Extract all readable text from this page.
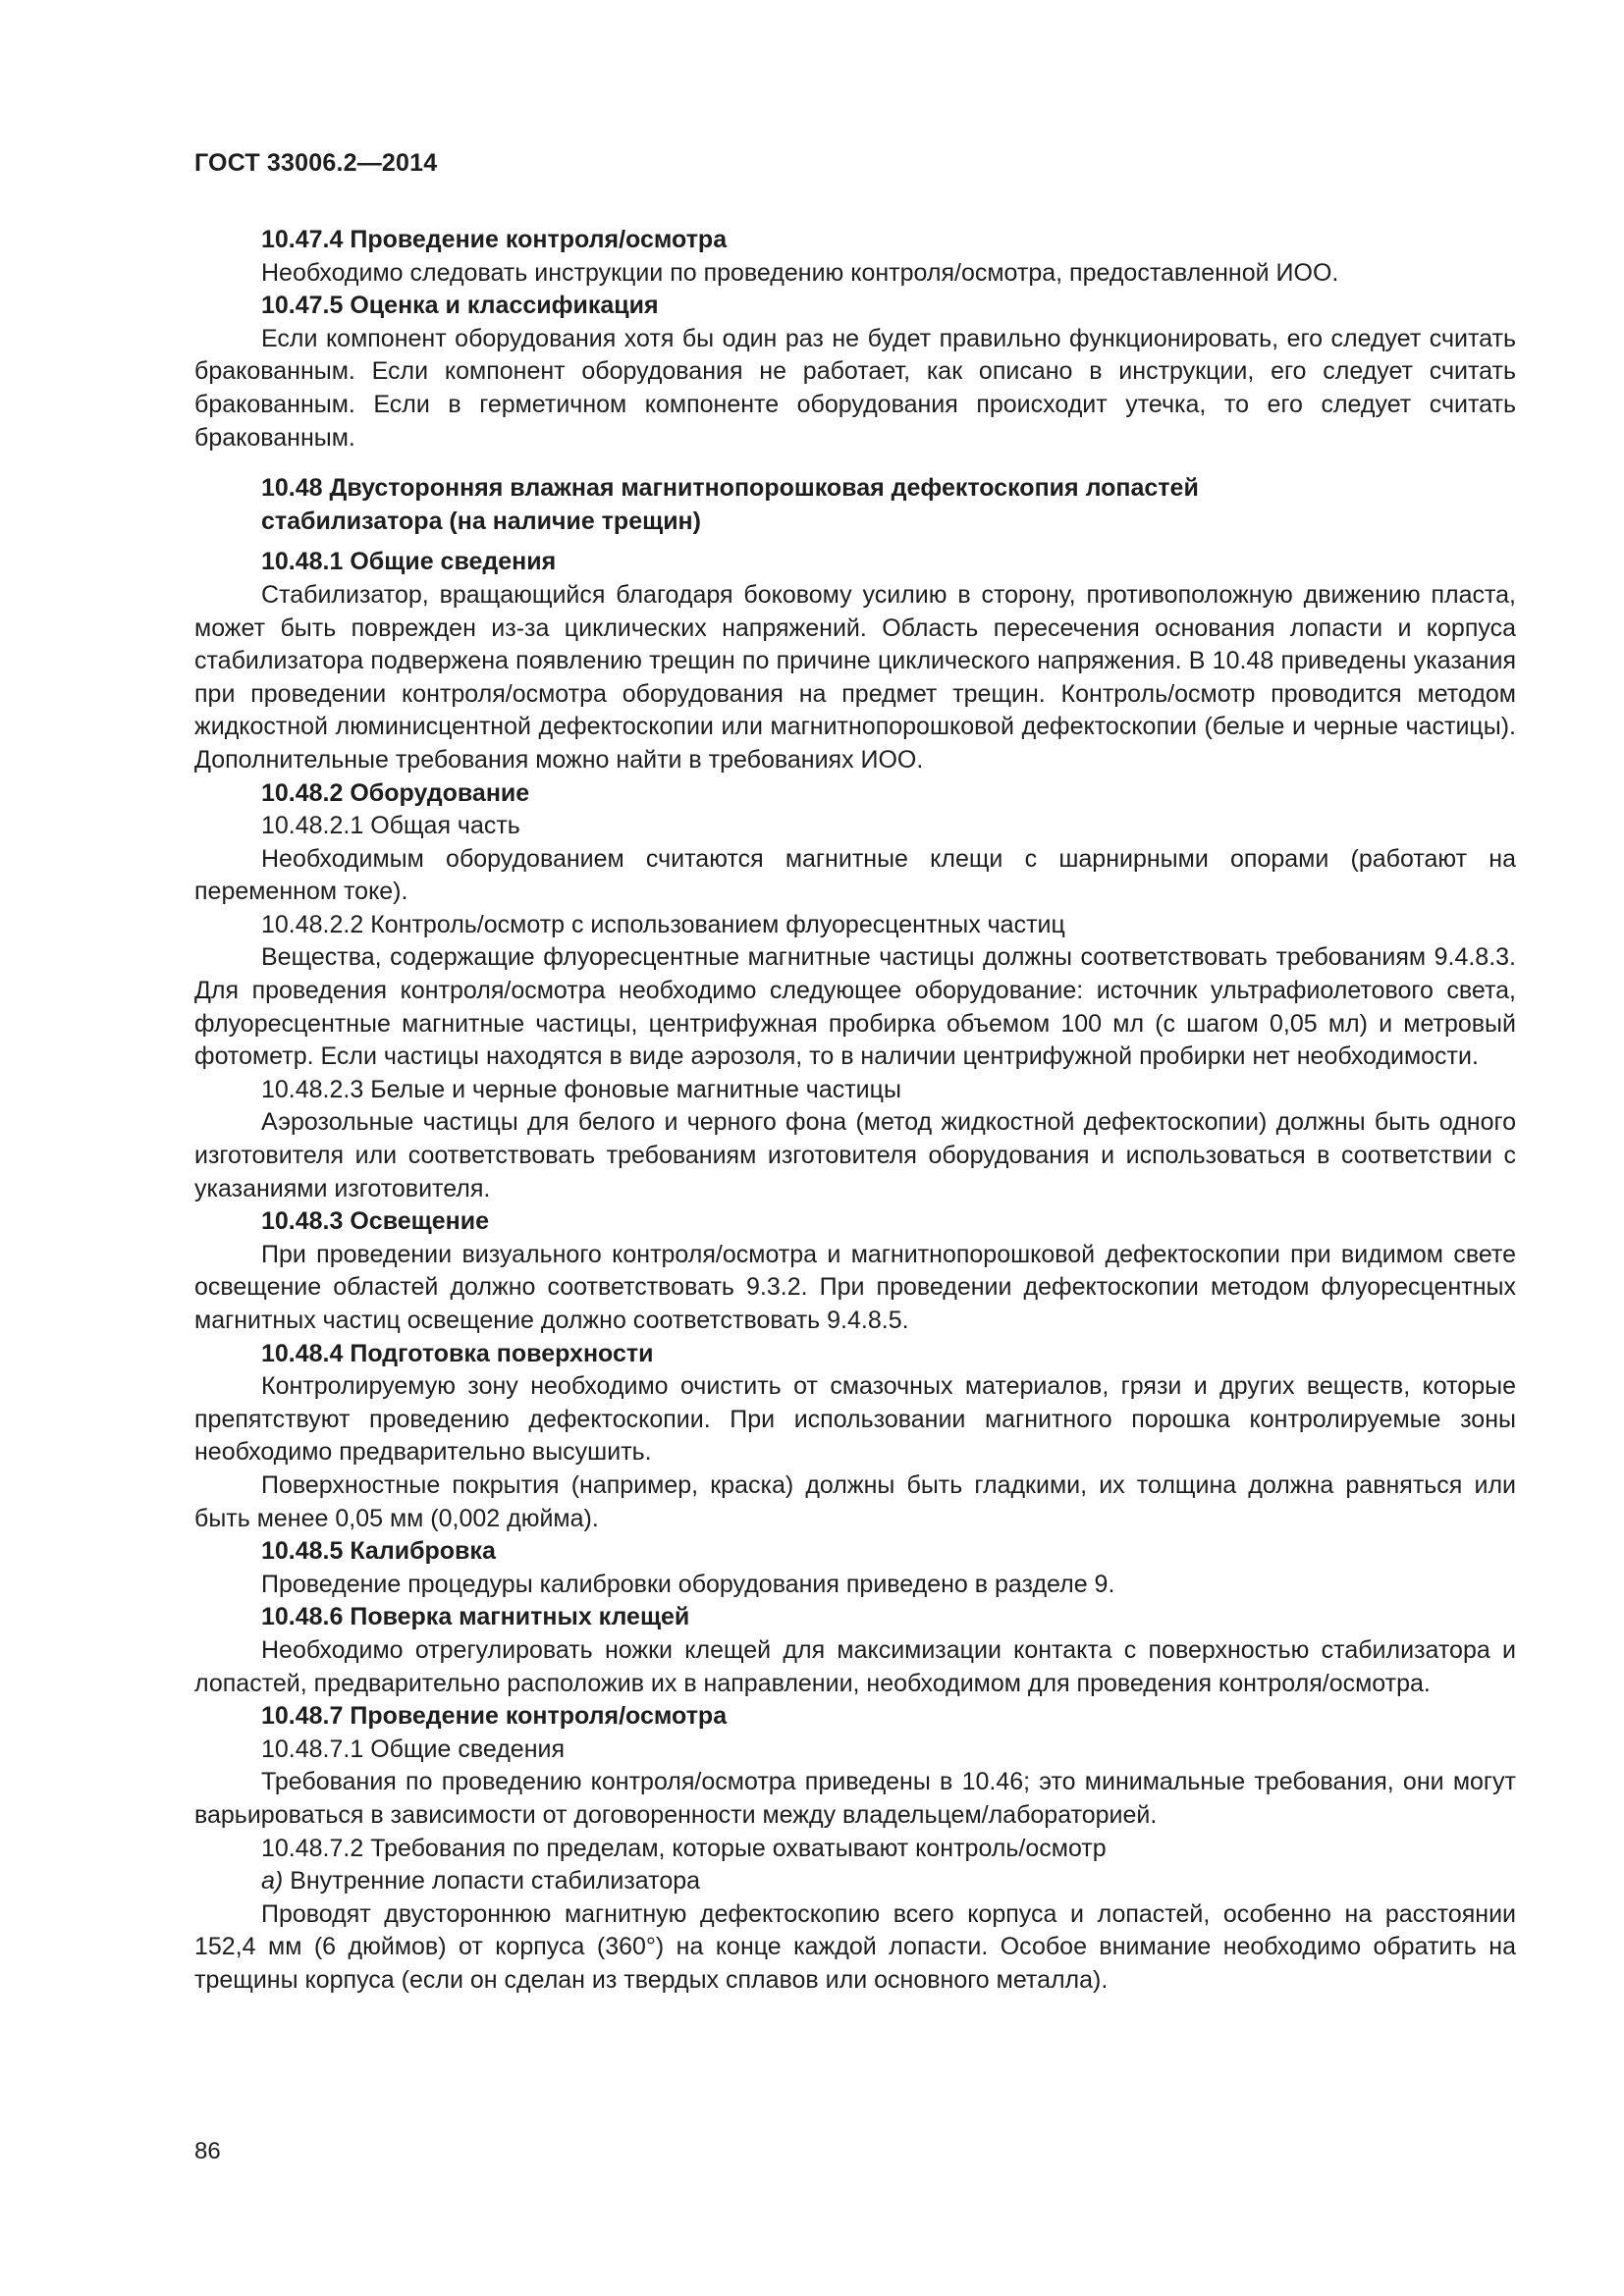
ГОСТ 33006.2—2014

10.47.4 Проведение контроля/осмотра

Необходимо следовать инструкции по проведению контроля/осмотра, предоставленной ИОО.

10.47.5 Оценка и классификация

Если компонент оборудования хотя бы один раз не будет правильно функционировать, его следует считать бракованным. Если компонент оборудования не работает, как описано в инструкции, его следует считать бракованным. Если в герметичном компоненте оборудования происходит утечка, то его следует считать бракованным.

10.48 Двусторонняя влажная магнитнопорошковая дефектоскопия лопастей
стабилизатора (на наличие трещин)

10.48.1 Общие сведения

Стабилизатор, вращающийся благодаря боковому усилию в сторону, противоположную движению пласта, может быть поврежден из-за циклических напряжений. Область пересечения основания лопасти и корпуса стабилизатора подвержена появлению трещин по причине циклического напряжения. В 10.48 приведены указания при проведении контроля/осмотра оборудования на предмет трещин. Контроль/осмотр проводится методом жидкостной люминисцентной дефектоскопии или магнитнопорошковой дефектоскопии (белые и черные частицы). Дополнительные требования можно найти в требованиях ИОО.

10.48.2 Оборудование

10.48.2.1 Общая часть

Необходимым оборудованием считаются магнитные клещи с шарнирными опорами (работают на переменном токе).

10.48.2.2 Контроль/осмотр с использованием флуоресцентных частиц

Вещества, содержащие флуоресцентные магнитные частицы должны соответствовать требованиям 9.4.8.3. Для проведения контроля/осмотра необходимо следующее оборудование: источник ультрафиолетового света, флуоресцентные магнитные частицы, центрифужная пробирка объемом 100 мл (с шагом 0,05 мл) и метровый фотометр. Если частицы находятся в виде аэрозоля, то в наличии центрифужной пробирки нет необходимости.

10.48.2.3 Белые и черные фоновые магнитные частицы

Аэрозольные частицы для белого и черного фона (метод жидкостной дефектоскопии) должны быть одного изготовителя или соответствовать требованиям изготовителя оборудования и использоваться в соответствии с указаниями изготовителя.

10.48.3 Освещение

При проведении визуального контроля/осмотра и магнитнопорошковой дефектоскопии при видимом свете освещение областей должно соответствовать 9.3.2. При проведении дефектоскопии методом флуоресцентных магнитных частиц освещение должно соответствовать 9.4.8.5.

10.48.4 Подготовка поверхности

Контролируемую зону необходимо очистить от смазочных материалов, грязи и других веществ, которые препятствуют проведению дефектоскопии. При использовании магнитного порошка контролируемые зоны необходимо предварительно высушить.

Поверхностные покрытия (например, краска) должны быть гладкими, их толщина должна равняться или быть менее 0,05 мм (0,002 дюйма).

10.48.5 Калибровка

Проведение процедуры калибровки оборудования приведено в разделе 9.

10.48.6 Поверка магнитных клещей

Необходимо отрегулировать ножки клещей для максимизации контакта с поверхностью стабилизатора и лопастей, предварительно расположив их в направлении, необходимом для проведения контроля/осмотра.

10.48.7 Проведение контроля/осмотра

10.48.7.1 Общие сведения

Требования по проведению контроля/осмотра приведены в 10.46; это минимальные требования, они могут варьироваться в зависимости от договоренности между владельцем/лабораторией.

10.48.7.2 Требования по пределам, которые охватывают контроль/осмотр

а) Внутренние лопасти стабилизатора

Проводят двустороннюю магнитную дефектоскопию всего корпуса и лопастей, особенно на расстоянии 152,4 мм (6 дюймов) от корпуса (360°) на конце каждой лопасти. Особое внимание необходимо обратить на трещины корпуса (если он сделан из твердых сплавов или основного металла).

86
